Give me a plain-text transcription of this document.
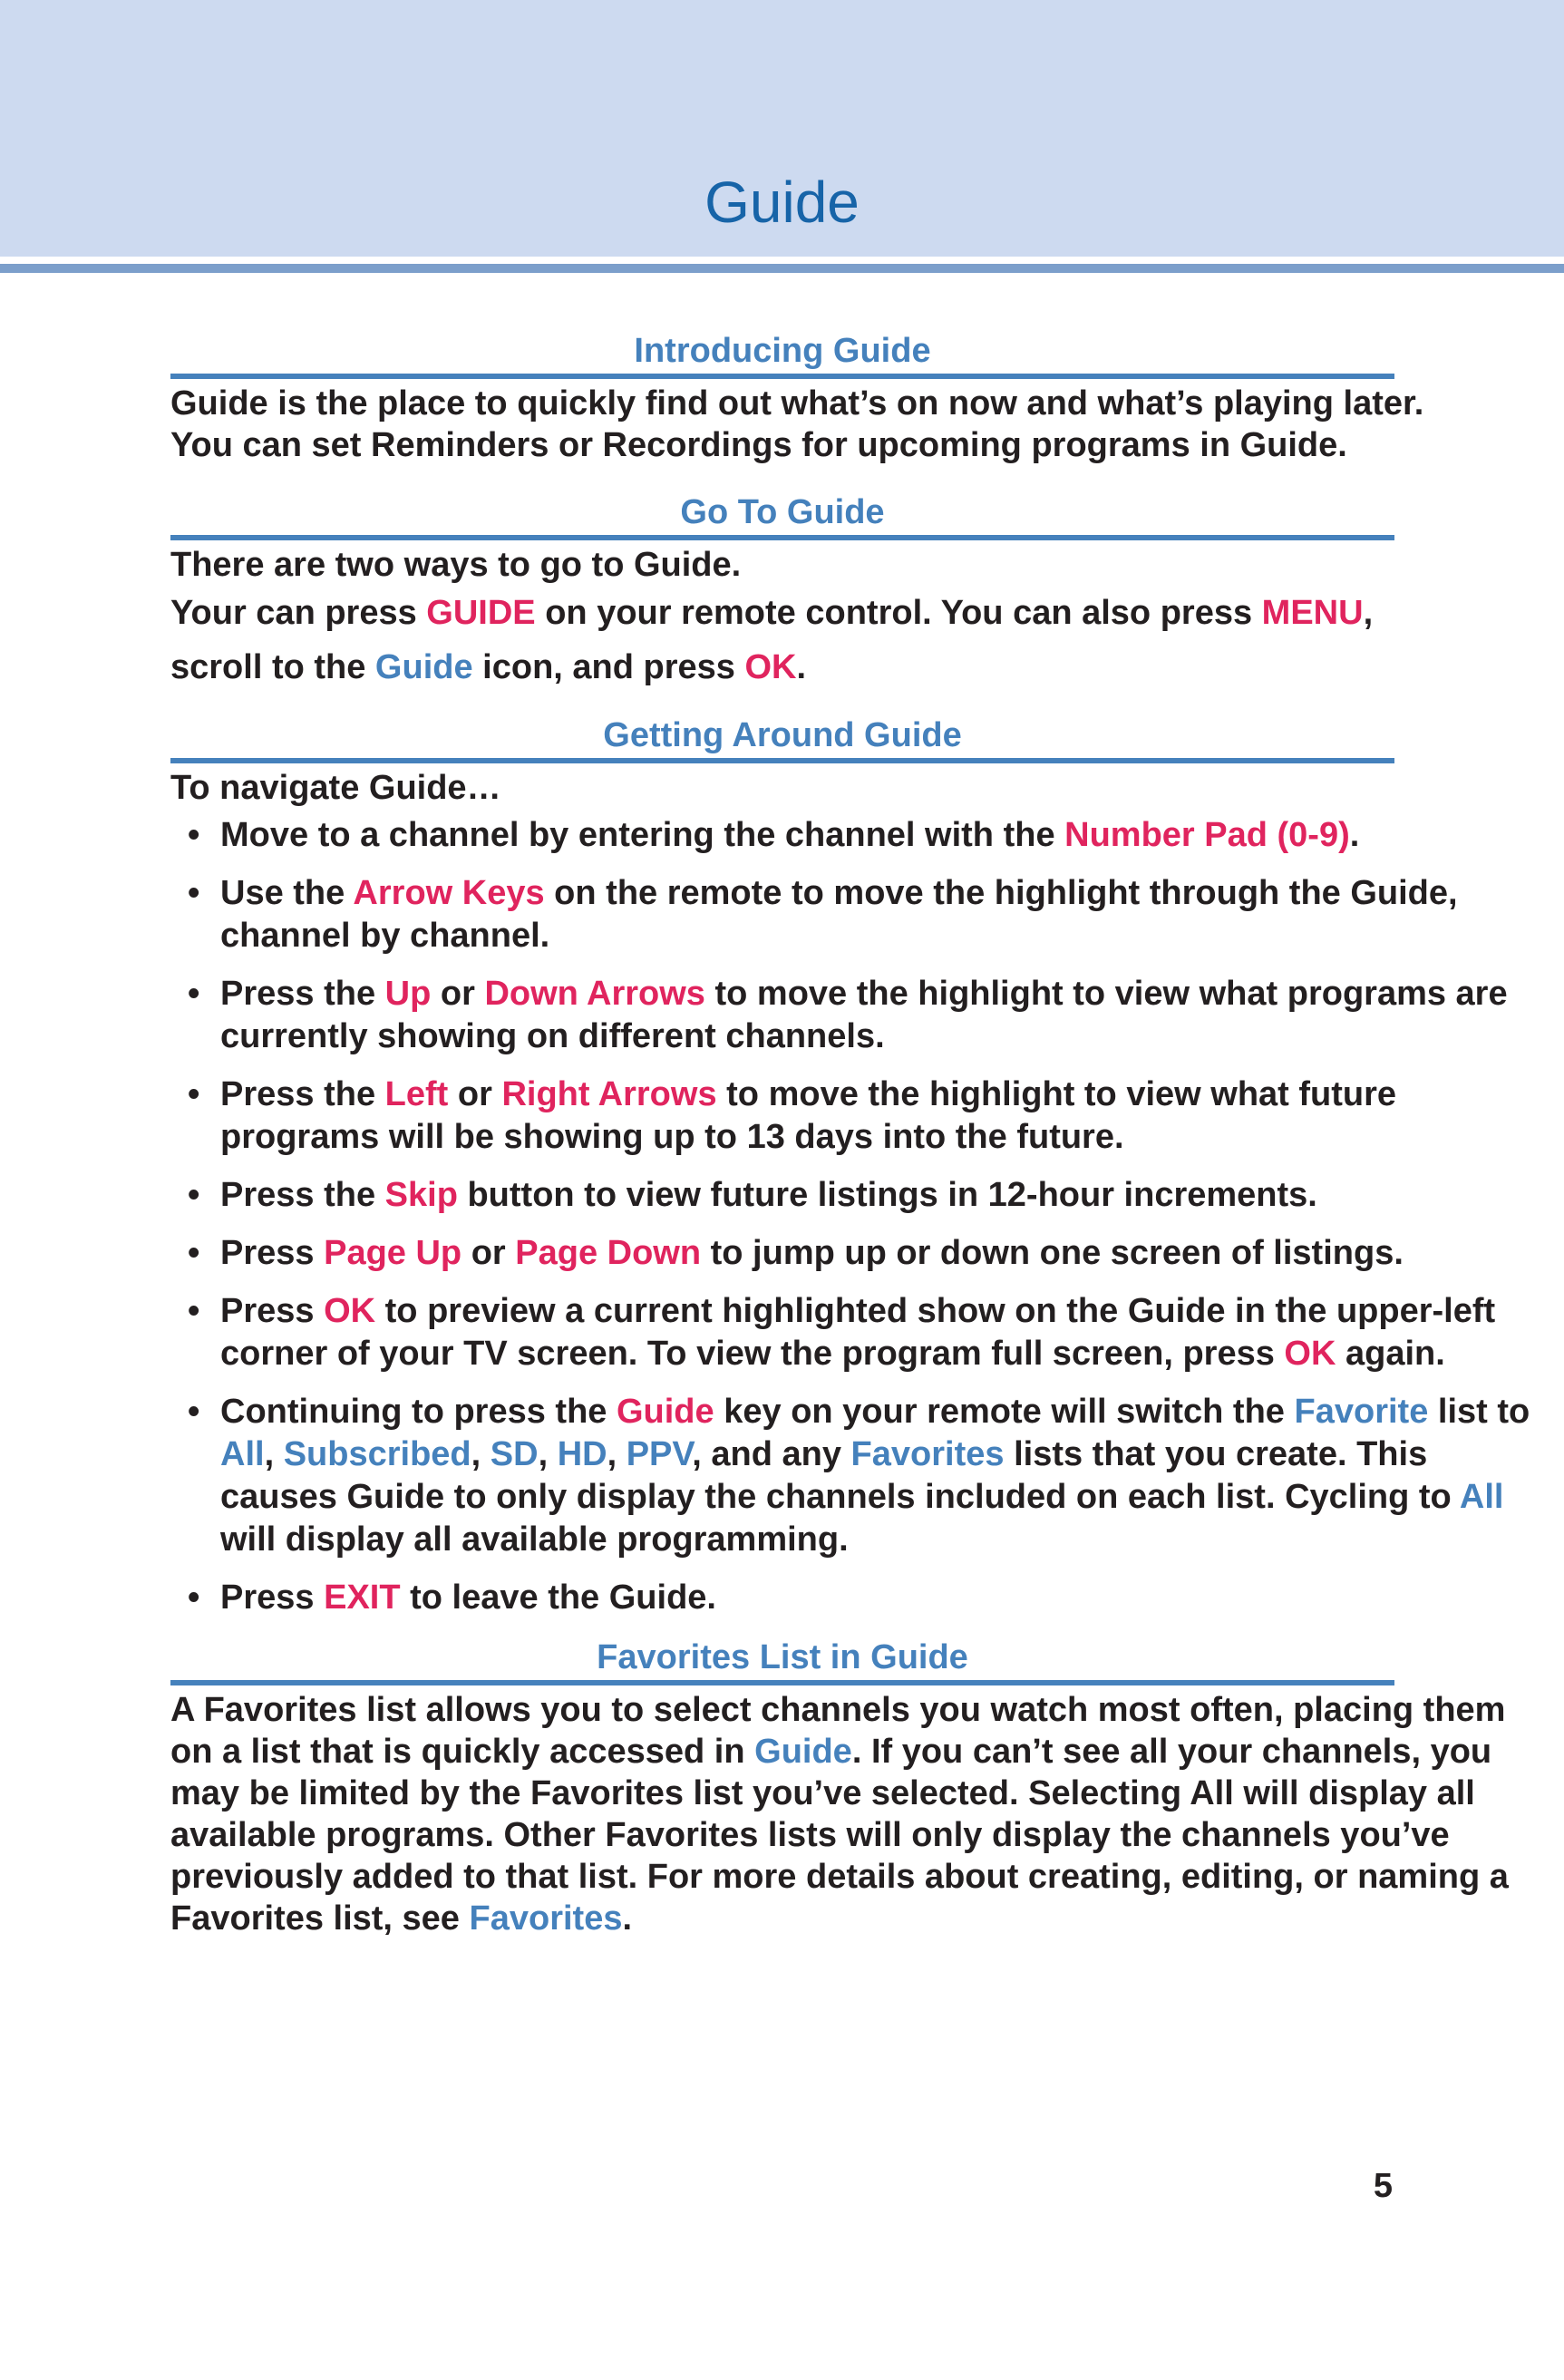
Guide
Introducing Guide

Guide is the place to quickly find out what’s on now and what’s playing later.
You can set Reminders or Recordings for upcoming programs in Guide.

Go To Guide

There are two ways to go to Guide.

Your can press GUIDE on your remote control. You can also press MENU,
scroll to the Guide icon, and press OK.

Getting Around Guide

To navigate Guide…

• Move to a channel by entering the channel with the Number Pad (0-9).
• Use the Arrow Keys on the remote to move the highlight through the Guide, channel by channel.
• Press the Up or Down Arrows to move the highlight to view what programs are currently showing on different channels.
• Press the Left or Right Arrows to move the highlight to view what future programs will be showing up to 13 days into the future.
• Press the Skip button to view future listings in 12-hour increments.
• Press Page Up or Page Down to jump up or down one screen of listings.
• Press OK to preview a current highlighted show on the Guide in the upper-left corner of your TV screen. To view the program full screen, press OK again.
• Continuing to press the Guide key on your remote will switch the Favorite list to All, Subscribed, SD, HD, PPV, and any Favorites lists that you create. This causes Guide to only display the channels included on each list. Cycling to All will display all available programming.
• Press EXIT to leave the Guide.
Favorites List in Guide

A Favorites list allows you to select channels you watch most often, placing them on a list that is quickly accessed in Guide. If you can’t see all your channels, you may be limited by the Favorites list you’ve selected. Selecting All will display all available programs. Other Favorites lists will only display the channels you’ve previously added to that list. For more details about creating, editing, or naming a Favorites list, see Favorites.

5
